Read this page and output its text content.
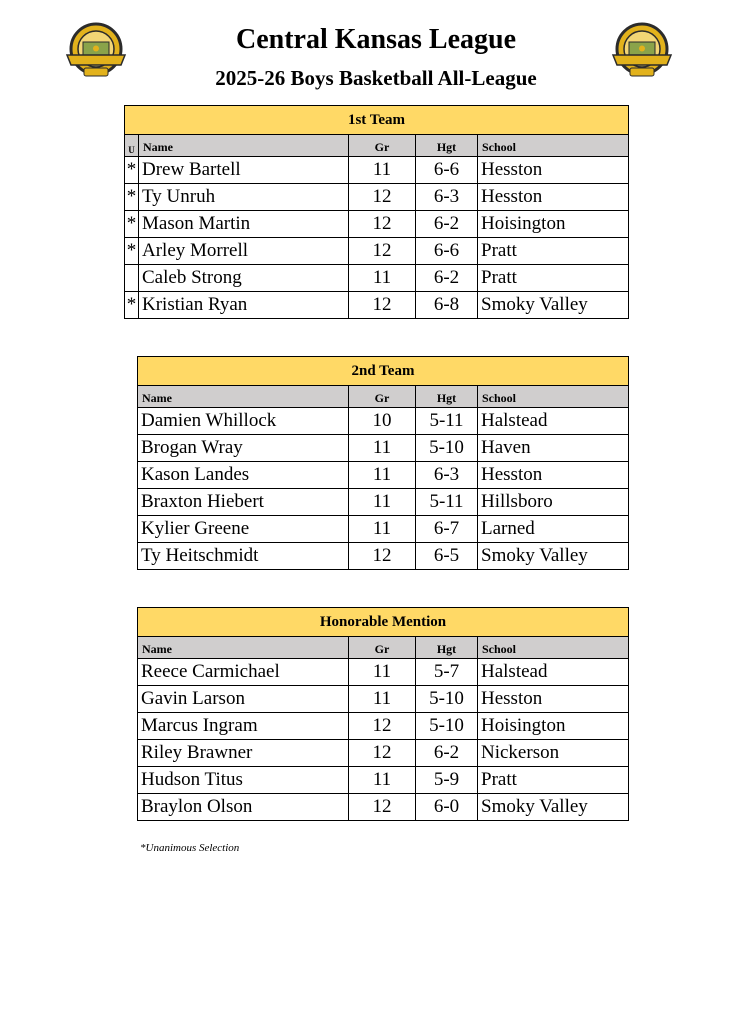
Central Kansas League
2025-26 Boys Basketball All-League
1st Team				
U	Name	Gr	Hgt	School
*	Drew Bartell	11	6-6	Hesston
*	Ty Unruh	12	6-3	Hesston
*	Mason Martin	12	6-2	Hoisington
*	Arley Morrell	12	6-6	Pratt
	Caleb Strong	11	6-2	Pratt
*	Kristian Ryan	12	6-8	Smoky Valley
2nd Team			
Name	Gr	Hgt	School
Damien Whillock	10	5-11	Halstead
Brogan Wray	11	5-10	Haven
Kason Landes	11	6-3	Hesston
Braxton Hiebert	11	5-11	Hillsboro
Kylier Greene	11	6-7	Larned
Ty Heitschmidt	12	6-5	Smoky Valley
Honorable Mention			
Name	Gr	Hgt	School
Reece Carmichael	11	5-7	Halstead
Gavin Larson	11	5-10	Hesston
Marcus Ingram	12	5-10	Hoisington
Riley Brawner	12	6-2	Nickerson
Hudson Titus	11	5-9	Pratt
Braylon Olson	12	6-0	Smoky Valley
*Unanimous Selection
